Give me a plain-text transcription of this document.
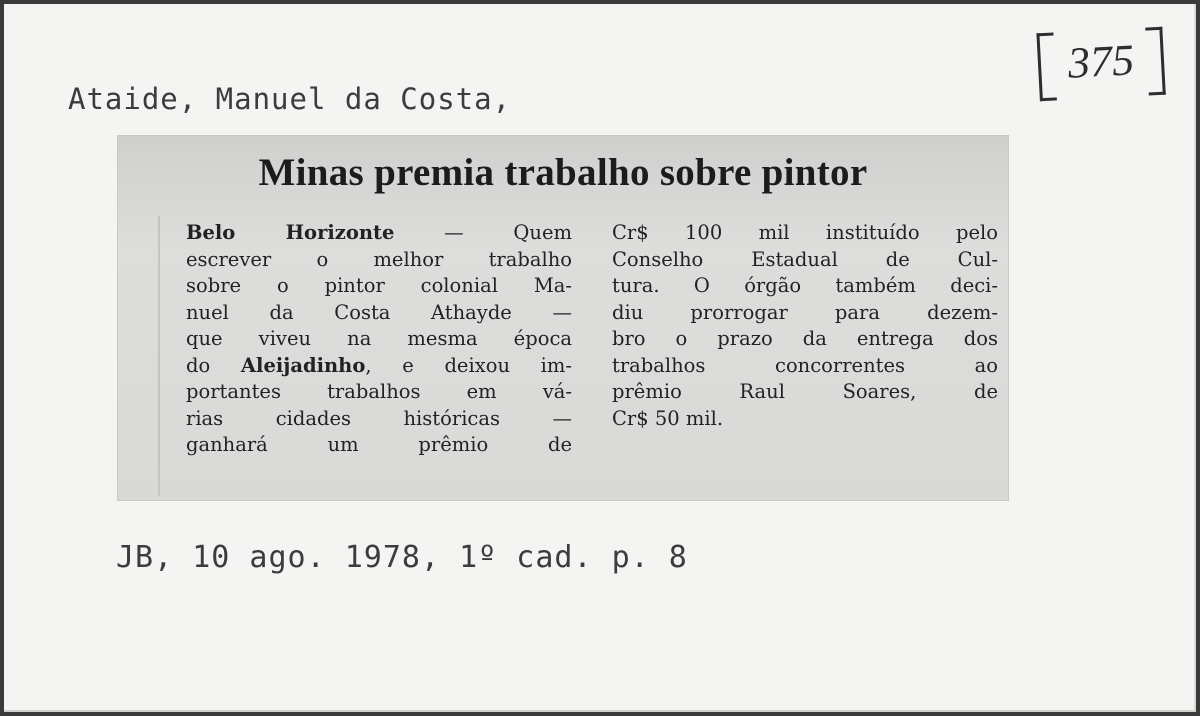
Ataide, Manuel da Costa,
375
Minas premia trabalho sobre pintor
Belo Horizonte — Quem
escrever o melhor trabalho
sobre o pintor colonial Ma-
nuel da Costa Athayde —
que viveu na mesma época
do Aleijadinho, e deixou im-
portantes trabalhos em vá-
rias cidades históricas —
ganhará um prêmio de
Cr$ 100 mil instituído pelo
Conselho Estadual de Cul-
tura. O órgão também deci-
diu prorrogar para dezem-
bro o prazo da entrega dos
trabalhos concorrentes ao
prêmio Raul Soares, de
Cr$ 50 mil.
JB, 10 ago. 1978, 1º cad. p. 8
